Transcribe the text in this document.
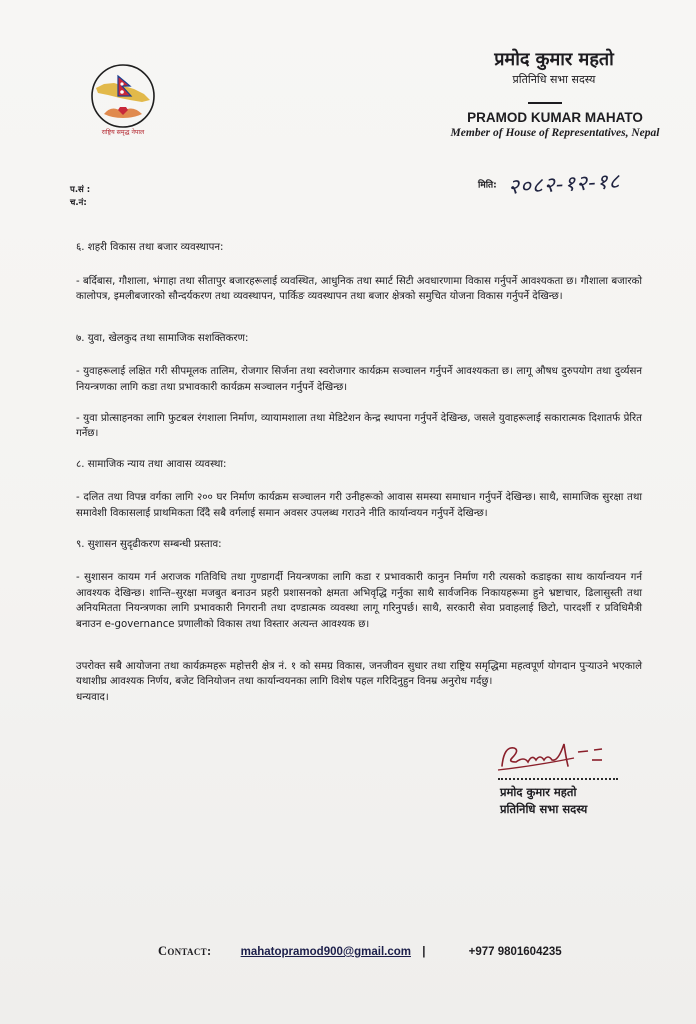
राष्ट्रिय समृद्ध नेपाल
प्रमोद कुमार महतो
प्रतिनिधि सभा सदस्य
PRAMOD KUMAR MAHATO
Member of House of Representatives, Nepal
प.सं :
च.नं:
मिति: २०८२-१२-१८

६. शहरी विकास तथा बजार व्यवस्थापन:

- बर्दिबास, गौशाला, भंगाहा तथा सीतापुर बजारहरूलाई व्यवस्थित, आधुनिक तथा स्मार्ट सिटी अवधारणामा विकास गर्नुपर्ने आवश्यकता छ। गौशाला बजारको कालोपत्र, इमलीबजारको सौन्दर्यकरण तथा व्यवस्थापन, पार्किङ व्यवस्थापन तथा बजार क्षेत्रको समुचित योजना विकास गर्नुपर्ने देखिन्छ।

७. युवा, खेलकुद तथा सामाजिक सशक्तिकरण:

- युवाहरूलाई लक्षित गरी सीपमूलक तालिम, रोजगार सिर्जना तथा स्वरोजगार कार्यक्रम सञ्चालन गर्नुपर्ने आवश्यकता छ। लागू औषध दुरुपयोग तथा दुर्व्यसन नियन्त्रणका लागि कडा तथा प्रभावकारी कार्यक्रम सञ्चालन गर्नुपर्ने देखिन्छ।

- युवा प्रोत्साहनका लागि फुटबल रंगशाला निर्माण, व्यायामशाला तथा मेडिटेशन केन्द्र स्थापना गर्नुपर्ने देखिन्छ, जसले युवाहरूलाई सकारात्मक दिशातर्फ प्रेरित गर्नेछ।

८. सामाजिक न्याय तथा आवास व्यवस्था:

- दलित तथा विपन्न वर्गका लागि २०० घर निर्माण कार्यक्रम सञ्चालन गरी उनीहरूको आवास समस्या समाधान गर्नुपर्ने देखिन्छ। साथै, सामाजिक सुरक्षा तथा समावेशी विकासलाई प्राथमिकता दिँदै सबै वर्गलाई समान अवसर उपलब्ध गराउने नीति कार्यान्वयन गर्नुपर्ने देखिन्छ।

९. सुशासन सुदृढीकरण सम्बन्धी प्रस्ताव:

- सुशासन कायम गर्न अराजक गतिविधि तथा गुण्डागर्दी नियन्त्रणका लागि कडा र प्रभावकारी कानुन निर्माण गरी त्यसको कडाइका साथ कार्यान्वयन गर्न आवश्यक देखिन्छ। शान्ति–सुरक्षा मजबुत बनाउन प्रहरी प्रशासनको क्षमता अभिवृद्धि गर्नुका साथै सार्वजनिक निकायहरूमा हुने भ्रष्टाचार, ढिलासुस्ती तथा अनियमितता नियन्त्रणका लागि प्रभावकारी निगरानी तथा दण्डात्मक व्यवस्था लागू गरिनुपर्छ। साथै, सरकारी सेवा प्रवाहलाई छिटो, पारदर्शी र प्रविधिमैत्री बनाउन e-governance प्रणालीको विकास तथा विस्तार अत्यन्त आवश्यक छ।

उपरोक्त सबै आयोजना तथा कार्यक्रमहरू महोत्तरी क्षेत्र नं. १ को समग्र विकास, जनजीवन सुधार तथा राष्ट्रिय समृद्धिमा महत्वपूर्ण योगदान पुऱ्याउने भएकाले यथाशीघ्र आवश्यक निर्णय, बजेट विनियोजन तथा कार्यान्वयनका लागि विशेष पहल गरिदिनुहुन विनम्र अनुरोध गर्दछु।

धन्यवाद।

प्रमोद कुमार महतो
प्रतिनिधि सभा सदस्य
Contact:	mahatopramod900@gmail.com |	+977 9801604235
